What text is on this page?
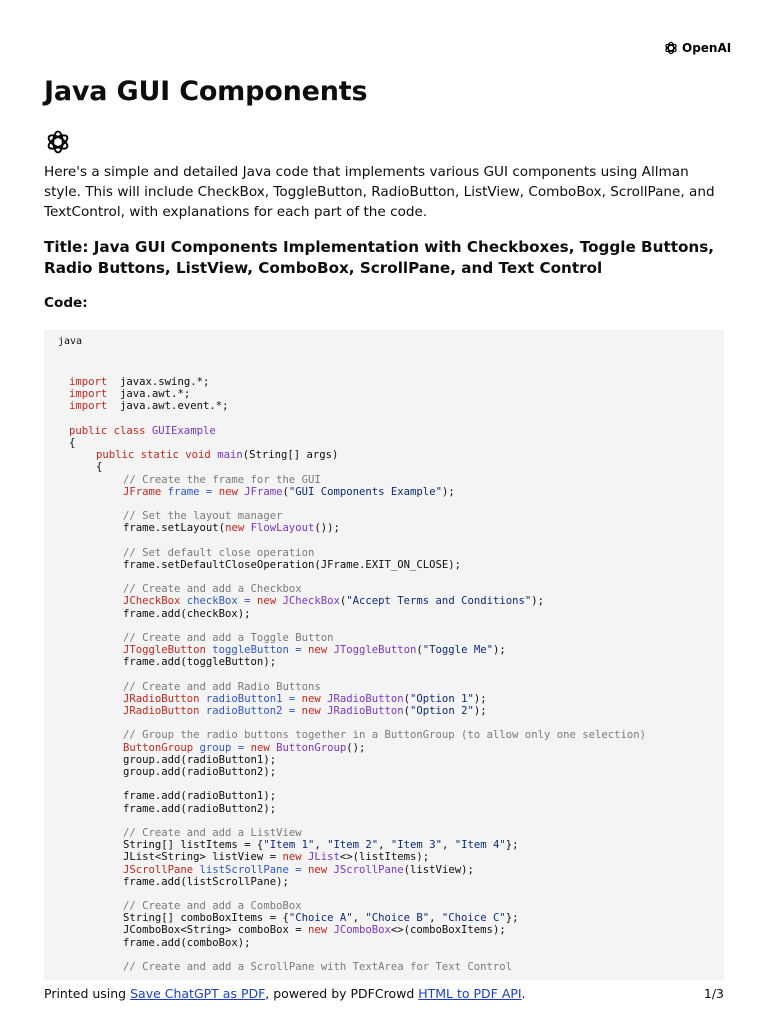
OpenAI
Java GUI Components

Here's a simple and detailed Java code that implements various GUI components using Allman style. This will include CheckBox, ToggleButton, RadioButton, ListView, ComboBox, ScrollPane, and TextControl, with explanations for each part of the code.

Title: Java GUI Components Implementation with Checkboxes, Toggle Buttons, Radio Buttons, ListView, ComboBox, ScrollPane, and Text Control

Code:

java
import  javax.swing.*;
import  java.awt.*;
import  java.awt.event.*;
public class GUIExample
{
public static void main(String[] args)
{
// Create the frame for the GUI
JFrame frame = new JFrame("GUI Components Example");
// Set the layout manager
frame.setLayout(new FlowLayout());
// Set default close operation
frame.setDefaultCloseOperation(JFrame.EXIT_ON_CLOSE);
// Create and add a Checkbox
JCheckBox checkBox = new JCheckBox("Accept Terms and Conditions");
frame.add(checkBox);
// Create and add a Toggle Button
JToggleButton toggleButton = new JToggleButton("Toggle Me");
frame.add(toggleButton);
// Create and add Radio Buttons
JRadioButton radioButton1 = new JRadioButton("Option 1");
JRadioButton radioButton2 = new JRadioButton("Option 2");
// Group the radio buttons together in a ButtonGroup (to allow only one selection)
ButtonGroup group = new ButtonGroup();
group.add(radioButton1);
group.add(radioButton2);
frame.add(radioButton1);
frame.add(radioButton2);
// Create and add a ListView
String[] listItems = {"Item 1", "Item 2", "Item 3", "Item 4"};
JList<String> listView = new JList<>(listItems);
JScrollPane listScrollPane = new JScrollPane(listView);
frame.add(listScrollPane);
// Create and add a ComboBox
String[] comboBoxItems = {"Choice A", "Choice B", "Choice C"};
JComboBox<String> comboBox = new JComboBox<>(comboBoxItems);
frame.add(comboBox);
// Create and add a ScrollPane with TextArea for Text Control
Printed using Save ChatGPT as PDF, powered by PDFCrowd HTML to PDF API.	1/3
